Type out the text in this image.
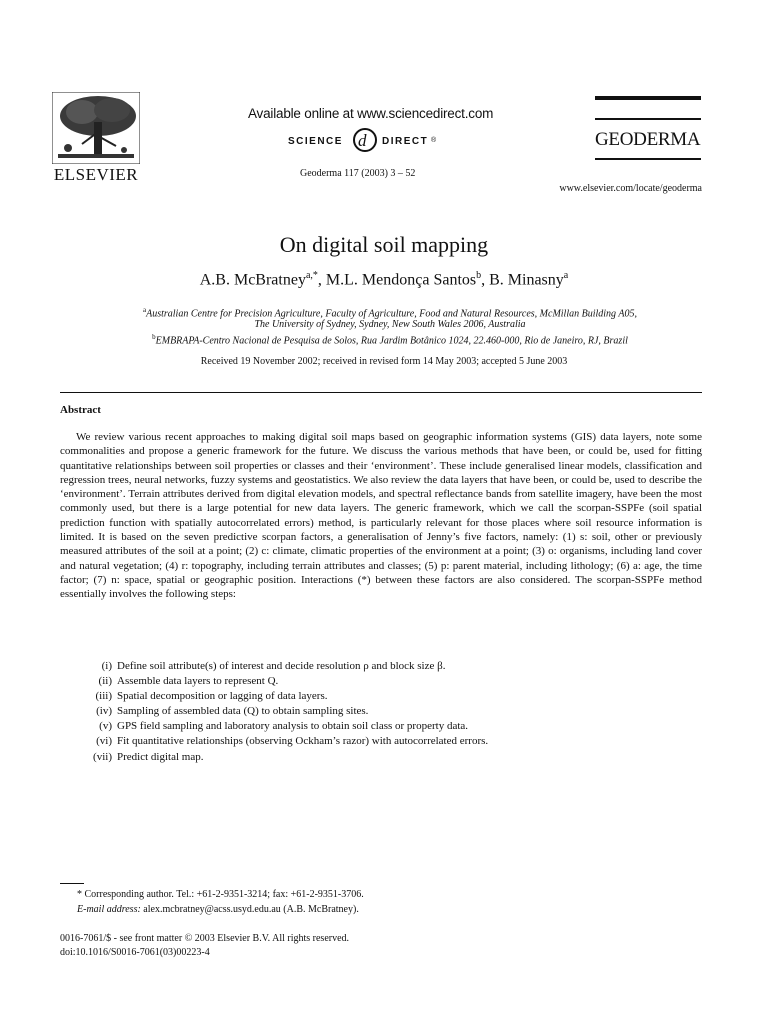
ELSEVIER
Available online at www.sciencedirect.com
SCIENCE d DIRECT ®
Geoderma 117 (2003) 3 – 52
GEODERMA
www.elsevier.com/locate/geoderma
On digital soil mapping
A.B. McBratney$^{a,*}$, M.L. Mendonça Santos$^b$, B. Minasny$^a$
$^a$Australian Centre for Precision Agriculture, Faculty of Agriculture, Food and Natural Resources, McMillan Building A05,
The University of Sydney, Sydney, New South Wales 2006, Australia
$^b$EMBRAPA-Centro Nacional de Pesquisa de Solos, Rua Jardim Botânico 1024, 22.460-000, Rio de Janeiro, RJ, Brazil
Received 19 November 2002; received in revised form 14 May 2003; accepted 5 June 2003
Abstract

We review various recent approaches to making digital soil maps based on geographic information systems (GIS) data layers, note some commonalities and propose a generic framework for the future. We discuss the various methods that have been, or could be, used for fitting quantitative relationships between soil properties or classes and their ‘environment’. These include generalised linear models, classification and regression trees, neural networks, fuzzy systems and geostatistics. We also review the data layers that have been, or could be, used to describe the ‘environment’. Terrain attributes derived from digital elevation models, and spectral reflectance bands from satellite imagery, have been the most commonly used, but there is a large potential for new data layers. The generic framework, which we call the scorpan-SSPFe (soil spatial prediction function with spatially autocorrelated errors) method, is particularly relevant for those places where soil resource information is limited. It is based on the seven predictive scorpan factors, a generalisation of Jenny’s five factors, namely: (1) s: soil, other or previously measured attributes of the soil at a point; (2) c: climate, climatic properties of the environment at a point; (3) o: organisms, including land cover and natural vegetation; (4) r: topography, including terrain attributes and classes; (5) p: parent material, including lithology; (6) a: age, the time factor; (7) n: space, spatial or geographic position. Interactions (*) between these factors are also considered. The scorpan-SSPFe method essentially involves the following steps:

(i) Define soil attribute(s) of interest and decide resolution ρ and block size β.
(ii) Assemble data layers to represent Q.
(iii) Spatial decomposition or lagging of data layers.
(iv) Sampling of assembled data (Q) to obtain sampling sites.
(v) GPS field sampling and laboratory analysis to obtain soil class or property data.
(vi) Fit quantitative relationships (observing Ockham’s razor) with autocorrelated errors.
(vii) Predict digital map.
* Corresponding author. Tel.: +61-2-9351-3214; fax: +61-2-9351-3706.
E-mail address: alex.mcbratney@acss.usyd.edu.au (A.B. McBratney).
0016-7061/$ - see front matter © 2003 Elsevier B.V. All rights reserved.
doi:10.1016/S0016-7061(03)00223-4
